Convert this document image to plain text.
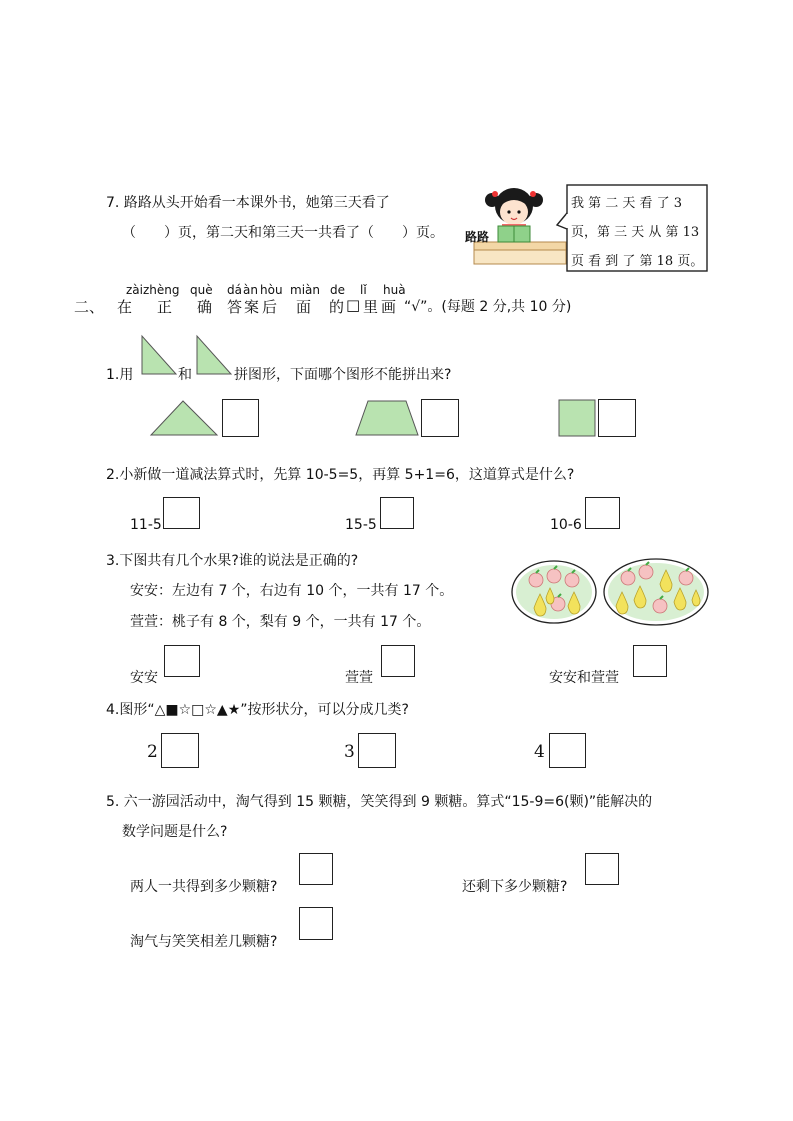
7. 路路从头开始看一本课外书，她第三天看了
（　　）页，第二天和第三天一共看了（　　）页。 路路
我 第 二 天 看 了 3
页，第 三 天 从 第 13
页 看 到 了 第 18 页。
二、
zài zhèng què dá àn hòu miàn de lǐ huà
在 正 确 答 案 后 面 的 □ 里 画 “√”。(每题 2 分,共 10 分)
1.用	和	拼图形，下面哪个图形不能拼出来?
2.小新做一道减法算式时，先算 10-5=5，再算 5+1=6，这道算式是什么?
11-5	15-5	10-6
3.下图共有几个水果?谁的说法是正确的?
安安：左边有 7 个，右边有 10 个，一共有 17 个。
萱萱：桃子有 8 个，梨有 9 个，一共有 17 个。
安安	萱萱	安安和萱萱
4.图形“△■☆□☆▲★”按形状分，可以分成几类?
2	3	4
5. 六一游园活动中，淘气得到 15 颗糖，笑笑得到 9 颗糖。算式“15-9=6(颗)”能解决的
数学问题是什么?
两人一共得到多少颗糖?	还剩下多少颗糖?
淘气与笑笑相差几颗糖?
